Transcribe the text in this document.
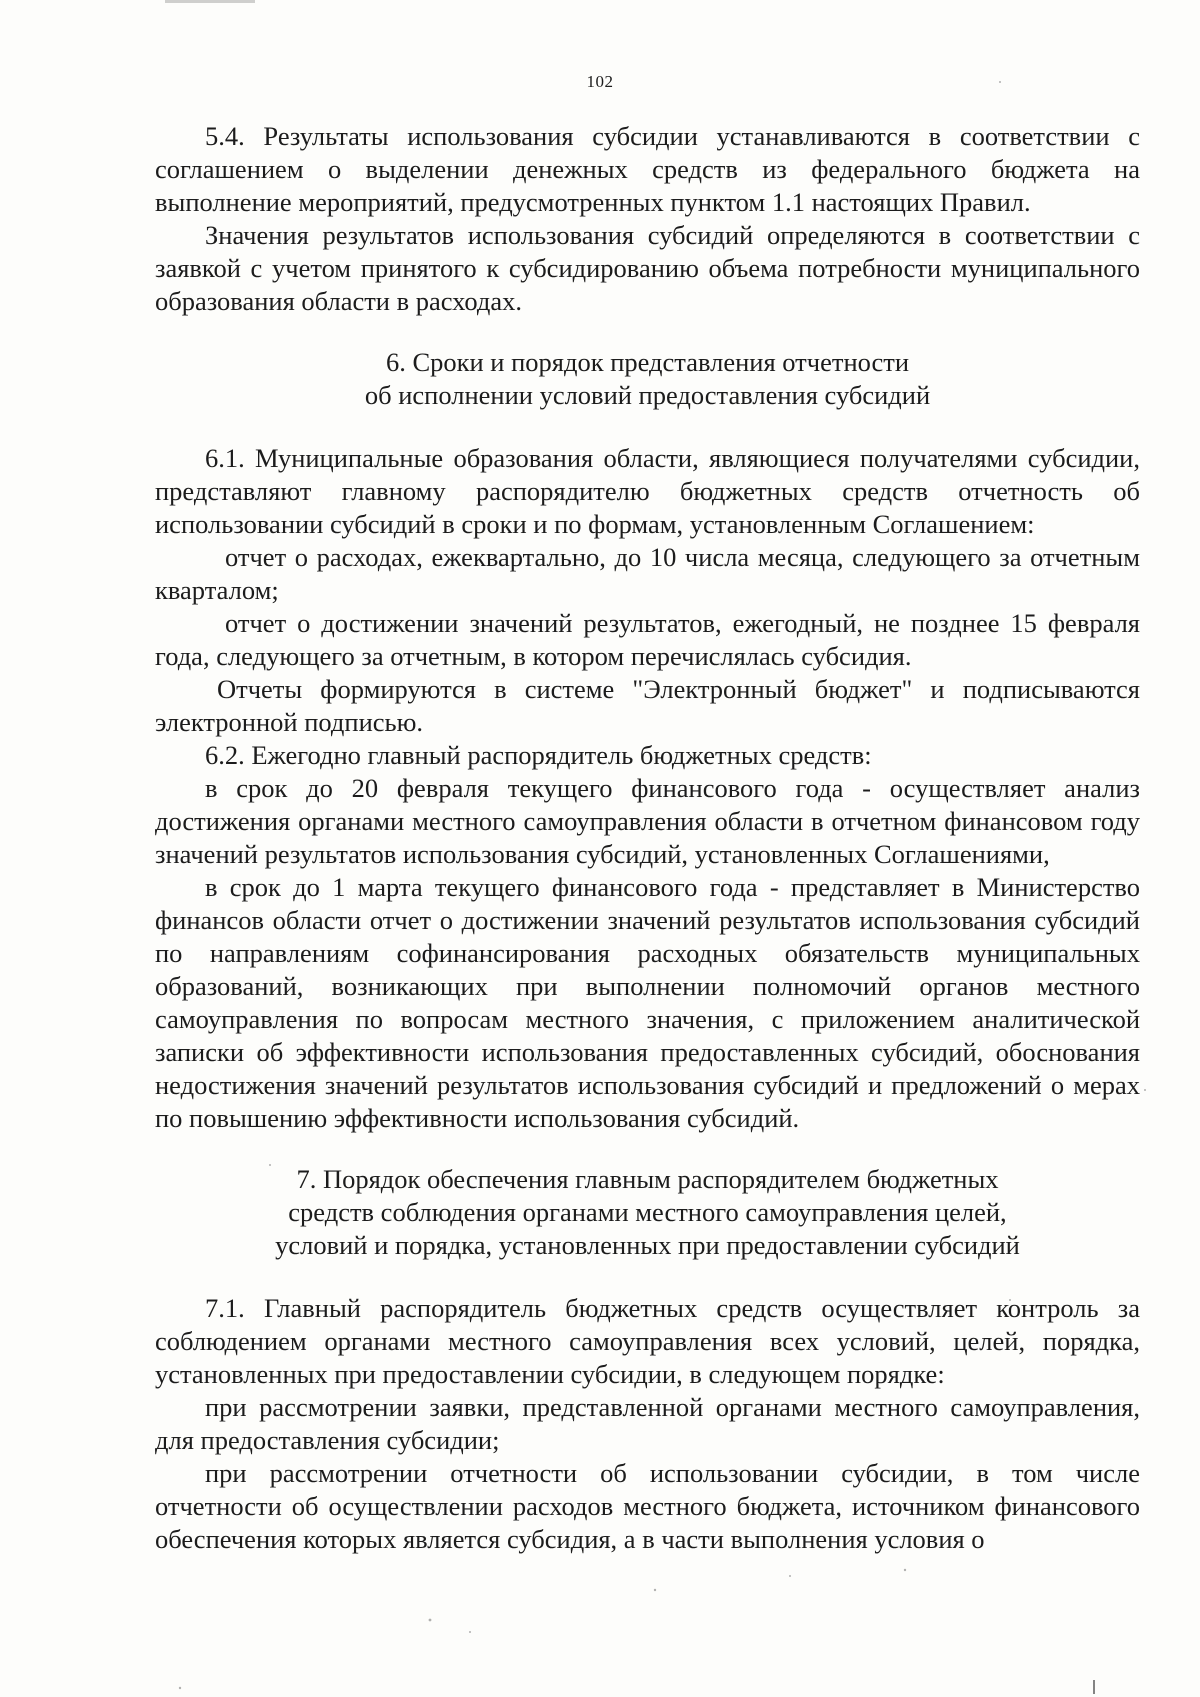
102

5.4. Результаты использования субсидии устанавливаются в соответствии с соглашением о выделении денежных средств из федерального бюджета на выполнение мероприятий, предусмотренных пунктом 1.1 настоящих Правил.

Значения результатов использования субсидий определяются в соответствии с заявкой с учетом принятого к субсидированию объема потребности муниципального образования области в расходах.

6. Сроки и порядок представления отчетности
об исполнении условий предоставления субсидий

6.1. Муниципальные образования области, являющиеся получателями субсидии, представляют главному распорядителю бюджетных средств отчетность об использовании субсидий в сроки и по формам, установленным Соглашением:

отчет о расходах, ежеквартально, до 10 числа месяца, следующего за отчетным кварталом;

отчет о достижении значений результатов, ежегодный, не позднее 15 февраля года, следующего за отчетным, в котором перечислялась субсидия.

Отчеты формируются в системе "Электронный бюджет" и подписываются электронной подписью.

6.2. Ежегодно главный распорядитель бюджетных средств:

в срок до 20 февраля текущего финансового года - осуществляет анализ достижения органами местного самоуправления области в отчетном финансовом году значений результатов использования субсидий, установленных Соглашениями,

в срок до 1 марта текущего финансового года - представляет в Министерство финансов области отчет о достижении значений результатов использования субсидий по направлениям софинансирования расходных обязательств муниципальных образований, возникающих при выполнении полномочий органов местного самоуправления по вопросам местного значения, с приложением аналитической записки об эффективности использования предоставленных субсидий, обоснования недостижения значений результатов использования субсидий и предложений о мерах по повышению эффективности использования субсидий.

7. Порядок обеспечения главным распорядителем бюджетных
средств соблюдения органами местного самоуправления целей,
условий и порядка, установленных при предоставлении субсидий

7.1. Главный распорядитель бюджетных средств осуществляет контроль за соблюдением органами местного самоуправления всех условий, целей, порядка, установленных при предоставлении субсидии, в следующем порядке:

при рассмотрении заявки, представленной органами местного самоуправления, для предоставления субсидии;

при рассмотрении отчетности об использовании субсидии, в том числе отчетности об осуществлении расходов местного бюджета, источником финансового обеспечения которых является субсидия, а в части выполнения условия о
